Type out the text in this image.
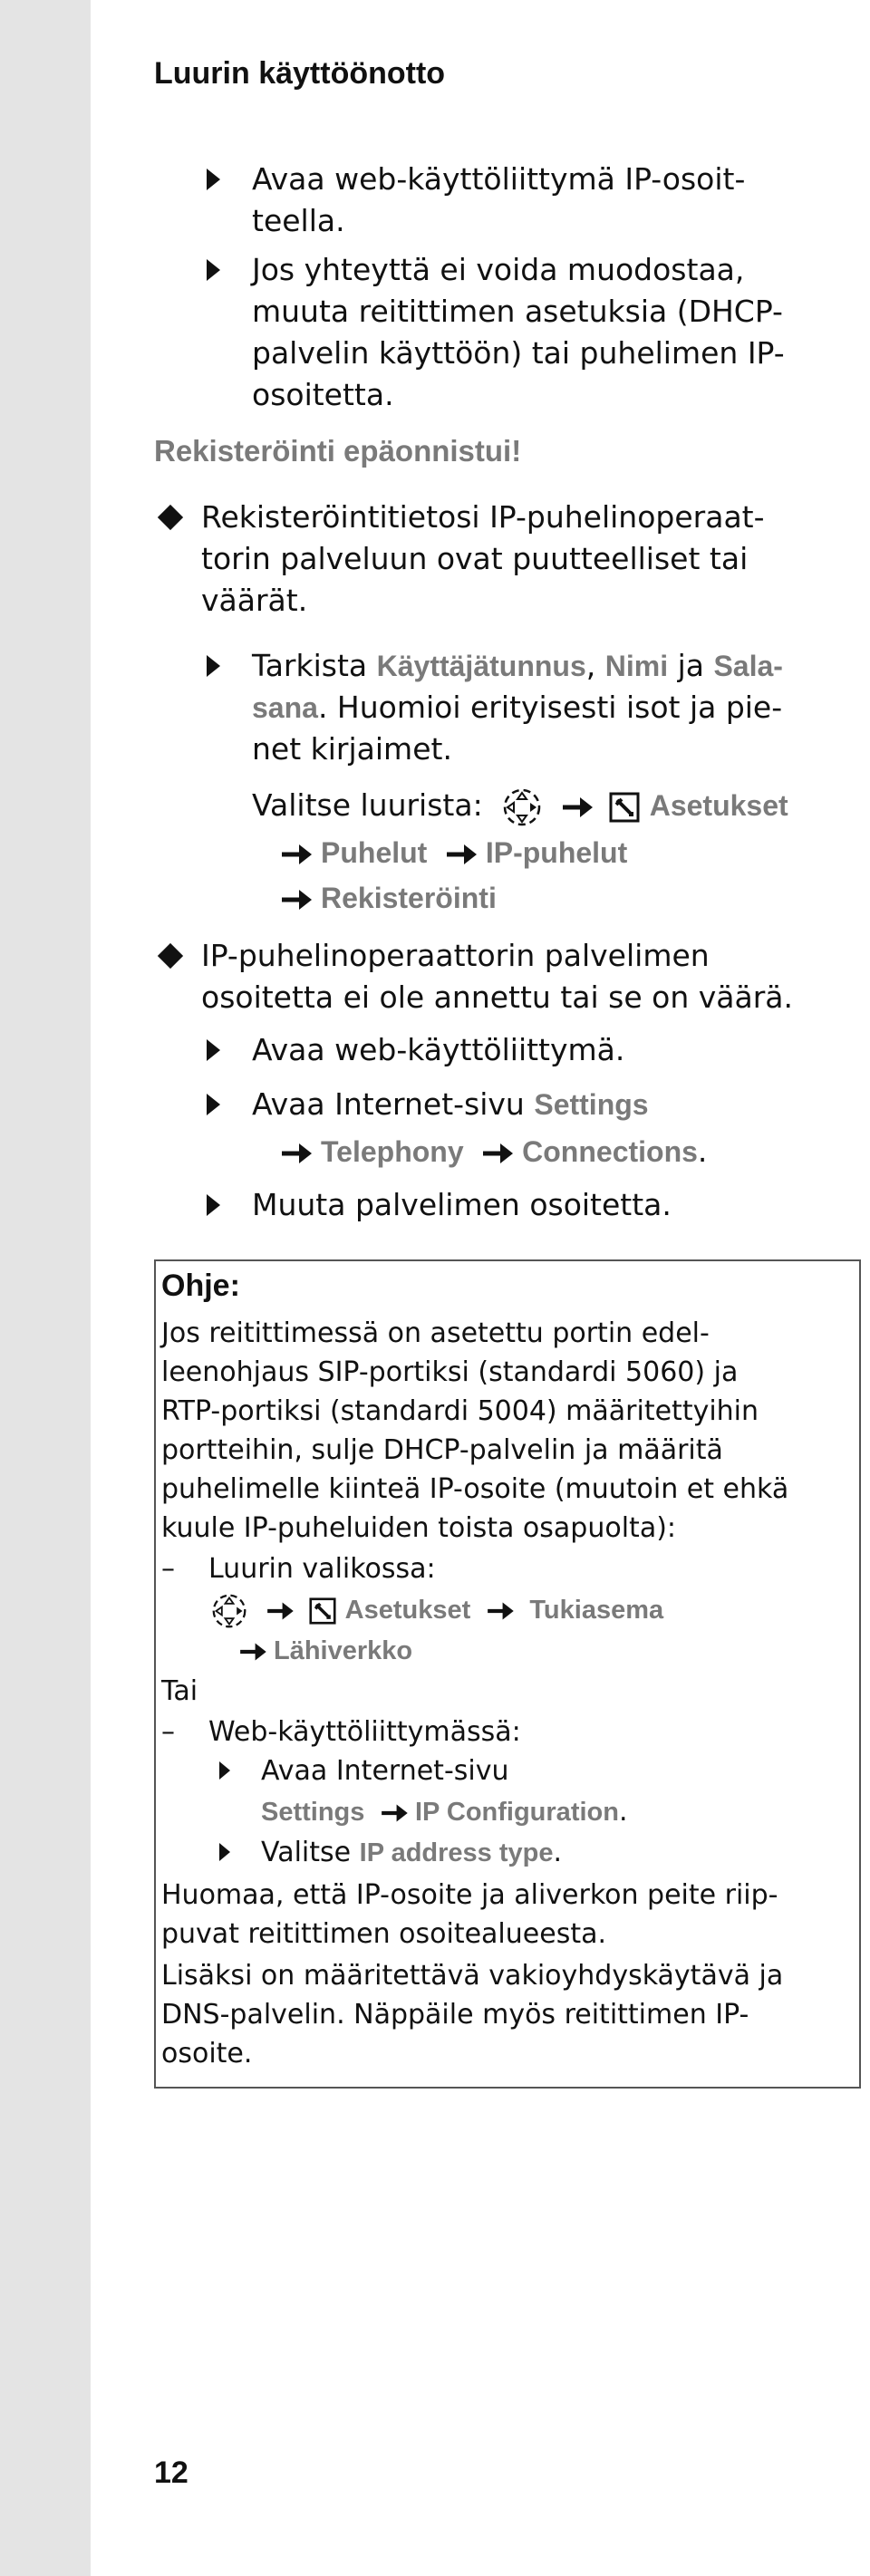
Luurin käyttöönotto
Avaa web-käyttöliittymä IP-osoit-
teella.
Jos yhteyttä ei voida muodostaa,
muuta reitittimen asetuksia (DHCP-
palvelin käyttöön) tai puhelimen IP-
osoitetta.
Rekisteröinti epäonnistui!
Rekisteröintitietosi IP-puhelinoperaat-
torin palveluun ovat puutteelliset tai
väärät.
Tarkista Käyttäjätunnus, Nimi ja Sala-
sana. Huomioi erityisesti isot ja pie-
net kirjaimet.
Valitse luurista:	Asetukset
Puhelut IP-puhelut
Rekisteröinti
IP-puhelinoperaattorin palvelimen
osoitetta ei ole annettu tai se on väärä.
Avaa web-käyttöliittymä.
Avaa Internet-sivu Settings
Telephony Connections.
Muuta palvelimen osoitetta.
Ohje:
Jos reitittimessä on asetettu portin edel-
leenohjaus SIP-portiksi (standardi 5060) ja
RTP-portiksi (standardi 5004) määritettyihin
portteihin, sulje DHCP-palvelin ja määritä
puhelimelle kiinteä IP-osoite (muutoin et ehkä
kuule IP-puheluiden toista osapuolta):
– Luurin valikossa:
Asetukset Tukiasema
Lähiverkko
Tai
– Web-käyttöliittymässä:
Avaa Internet-sivu
Settings IP Configuration.
Valitse IP address type.
Huomaa, että IP-osoite ja aliverkon peite riip-
puvat reitittimen osoitealueesta.
Lisäksi on määritettävä vakioyhdyskäytävä ja
DNS-palvelin. Näppäile myös reitittimen IP-
osoite.
12
